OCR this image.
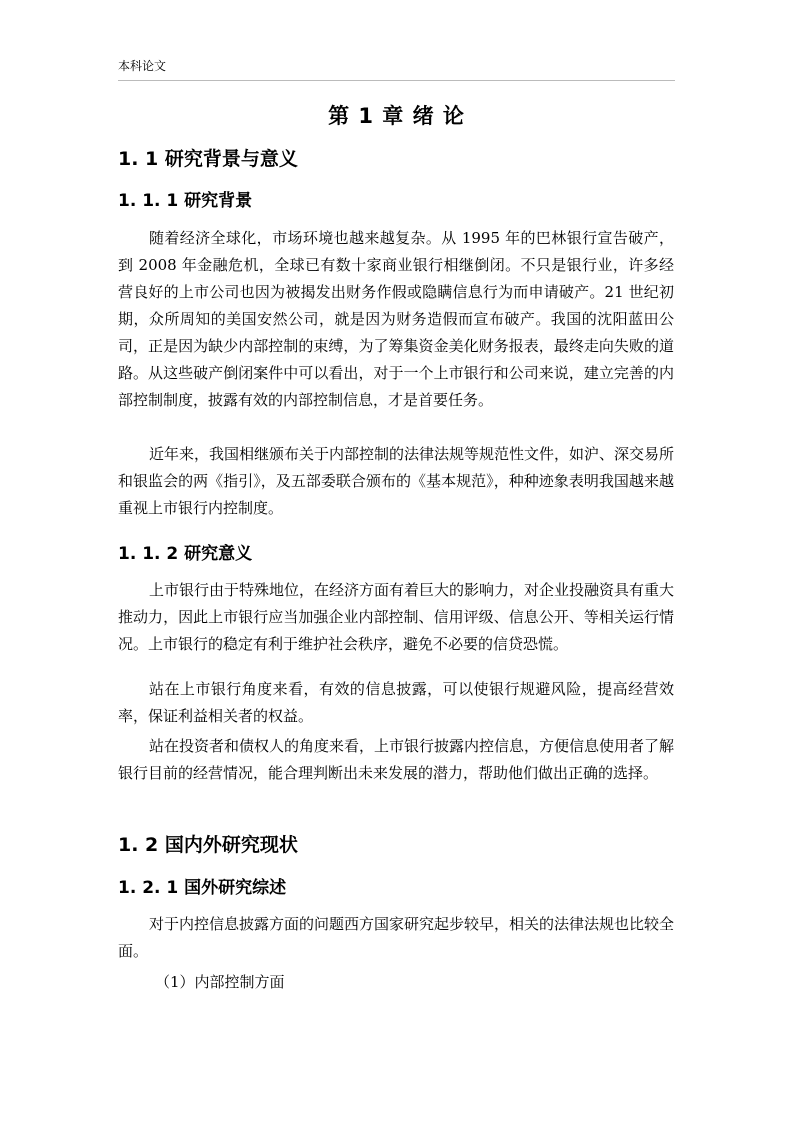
本科论文
第 1 章 绪 论
1. 1 研究背景与意义
1. 1. 1 研究背景

随着经济全球化，市场环境也越来越复杂。从 1995 年的巴林银行宣告破产，到 2008 年金融危机，全球已有数十家商业银行相继倒闭。不只是银行业，许多经营良好的上市公司也因为被揭发出财务作假或隐瞒信息行为而申请破产。21 世纪初期，众所周知的美国安然公司，就是因为财务造假而宣布破产。我国的沈阳蓝田公司，正是因为缺少内部控制的束缚，为了筹集资金美化财务报表，最终走向失败的道路。从这些破产倒闭案件中可以看出，对于一个上市银行和公司来说，建立完善的内部控制制度，披露有效的内部控制信息，才是首要任务。

近年来，我国相继颁布关于内部控制的法律法规等规范性文件，如沪、深交易所和银监会的两《指引》，及五部委联合颁布的《基本规范》，种种迹象表明我国越来越重视上市银行内控制度。

1. 1. 2 研究意义

上市银行由于特殊地位，在经济方面有着巨大的影响力，对企业投融资具有重大推动力，因此上市银行应当加强企业内部控制、信用评级、信息公开、等相关运行情况。上市银行的稳定有利于维护社会秩序，避免不必要的信贷恐慌。

站在上市银行角度来看，有效的信息披露，可以使银行规避风险，提高经营效率，保证利益相关者的权益。

站在投资者和债权人的角度来看，上市银行披露内控信息，方便信息使用者了解银行目前的经营情况，能合理判断出未来发展的潜力，帮助他们做出正确的选择。

1. 2 国内外研究现状
1. 2. 1 国外研究综述

对于内控信息披露方面的问题西方国家研究起步较早，相关的法律法规也比较全面。

（1）内部控制方面
